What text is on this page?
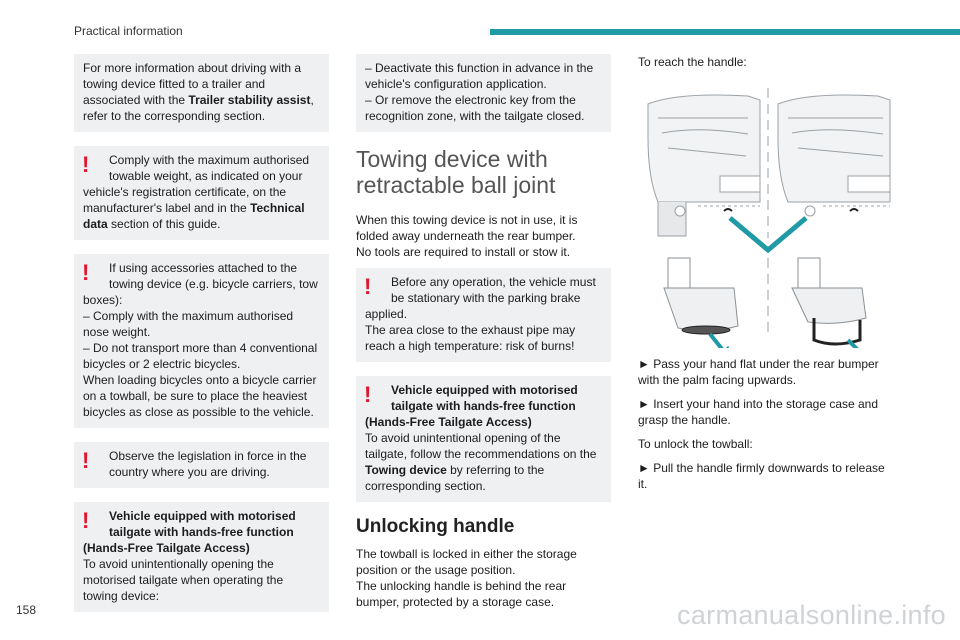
Practical information
For more information about driving with a towing device fitted to a trailer and associated with the Trailer stability assist, refer to the corresponding section.
!	Comply with the maximum authorised

towable weight, as indicated on your

vehicle's registration certificate, on the manufacturer's label and in the Technical data section of this guide.

!	If using accessories attached to the

towing device (e.g. bicycle carriers, tow

boxes):

– Comply with the maximum authorised nose weight.

– Do not transport more than 4 conventional bicycles or 2 electric bicycles.

When loading bicycles onto a bicycle carrier on a towball, be sure to place the heaviest bicycles as close as possible to the vehicle.

!	Observe the legislation in force in the

country where you are driving.

!	Vehicle equipped with motorised

tailgate with hands-free function

(Hands-Free Tailgate Access)

To avoid unintentionally opening the motorised tailgate when operating the towing device:

– Deactivate this function in advance in the vehicle's configuration application.

– Or remove the electronic key from the recognition zone, with the tailgate closed.

Towing device with
retractable ball joint

When this towing device is not in use, it is folded away underneath the rear bumper.

No tools are required to install or stow it.

!	Before any operation, the vehicle must

be stationary with the parking brake

applied.

The area close to the exhaust pipe may reach a high temperature: risk of burns!

!	Vehicle equipped with motorised

tailgate with hands-free function

(Hands-Free Tailgate Access)

To avoid unintentional opening of the tailgate, follow the recommendations on the Towing device by referring to the corresponding section.

Unlocking handle

The towball is locked in either the storage position or the usage position.

The unlocking handle is behind the rear bumper, protected by a storage case.

To reach the handle:

► Pass your hand flat under the rear bumper with the palm facing upwards.

► Insert your hand into the storage case and grasp the handle.

To unlock the towball:

► Pull the handle firmly downwards to release it.

158	carmanualsonline.info
